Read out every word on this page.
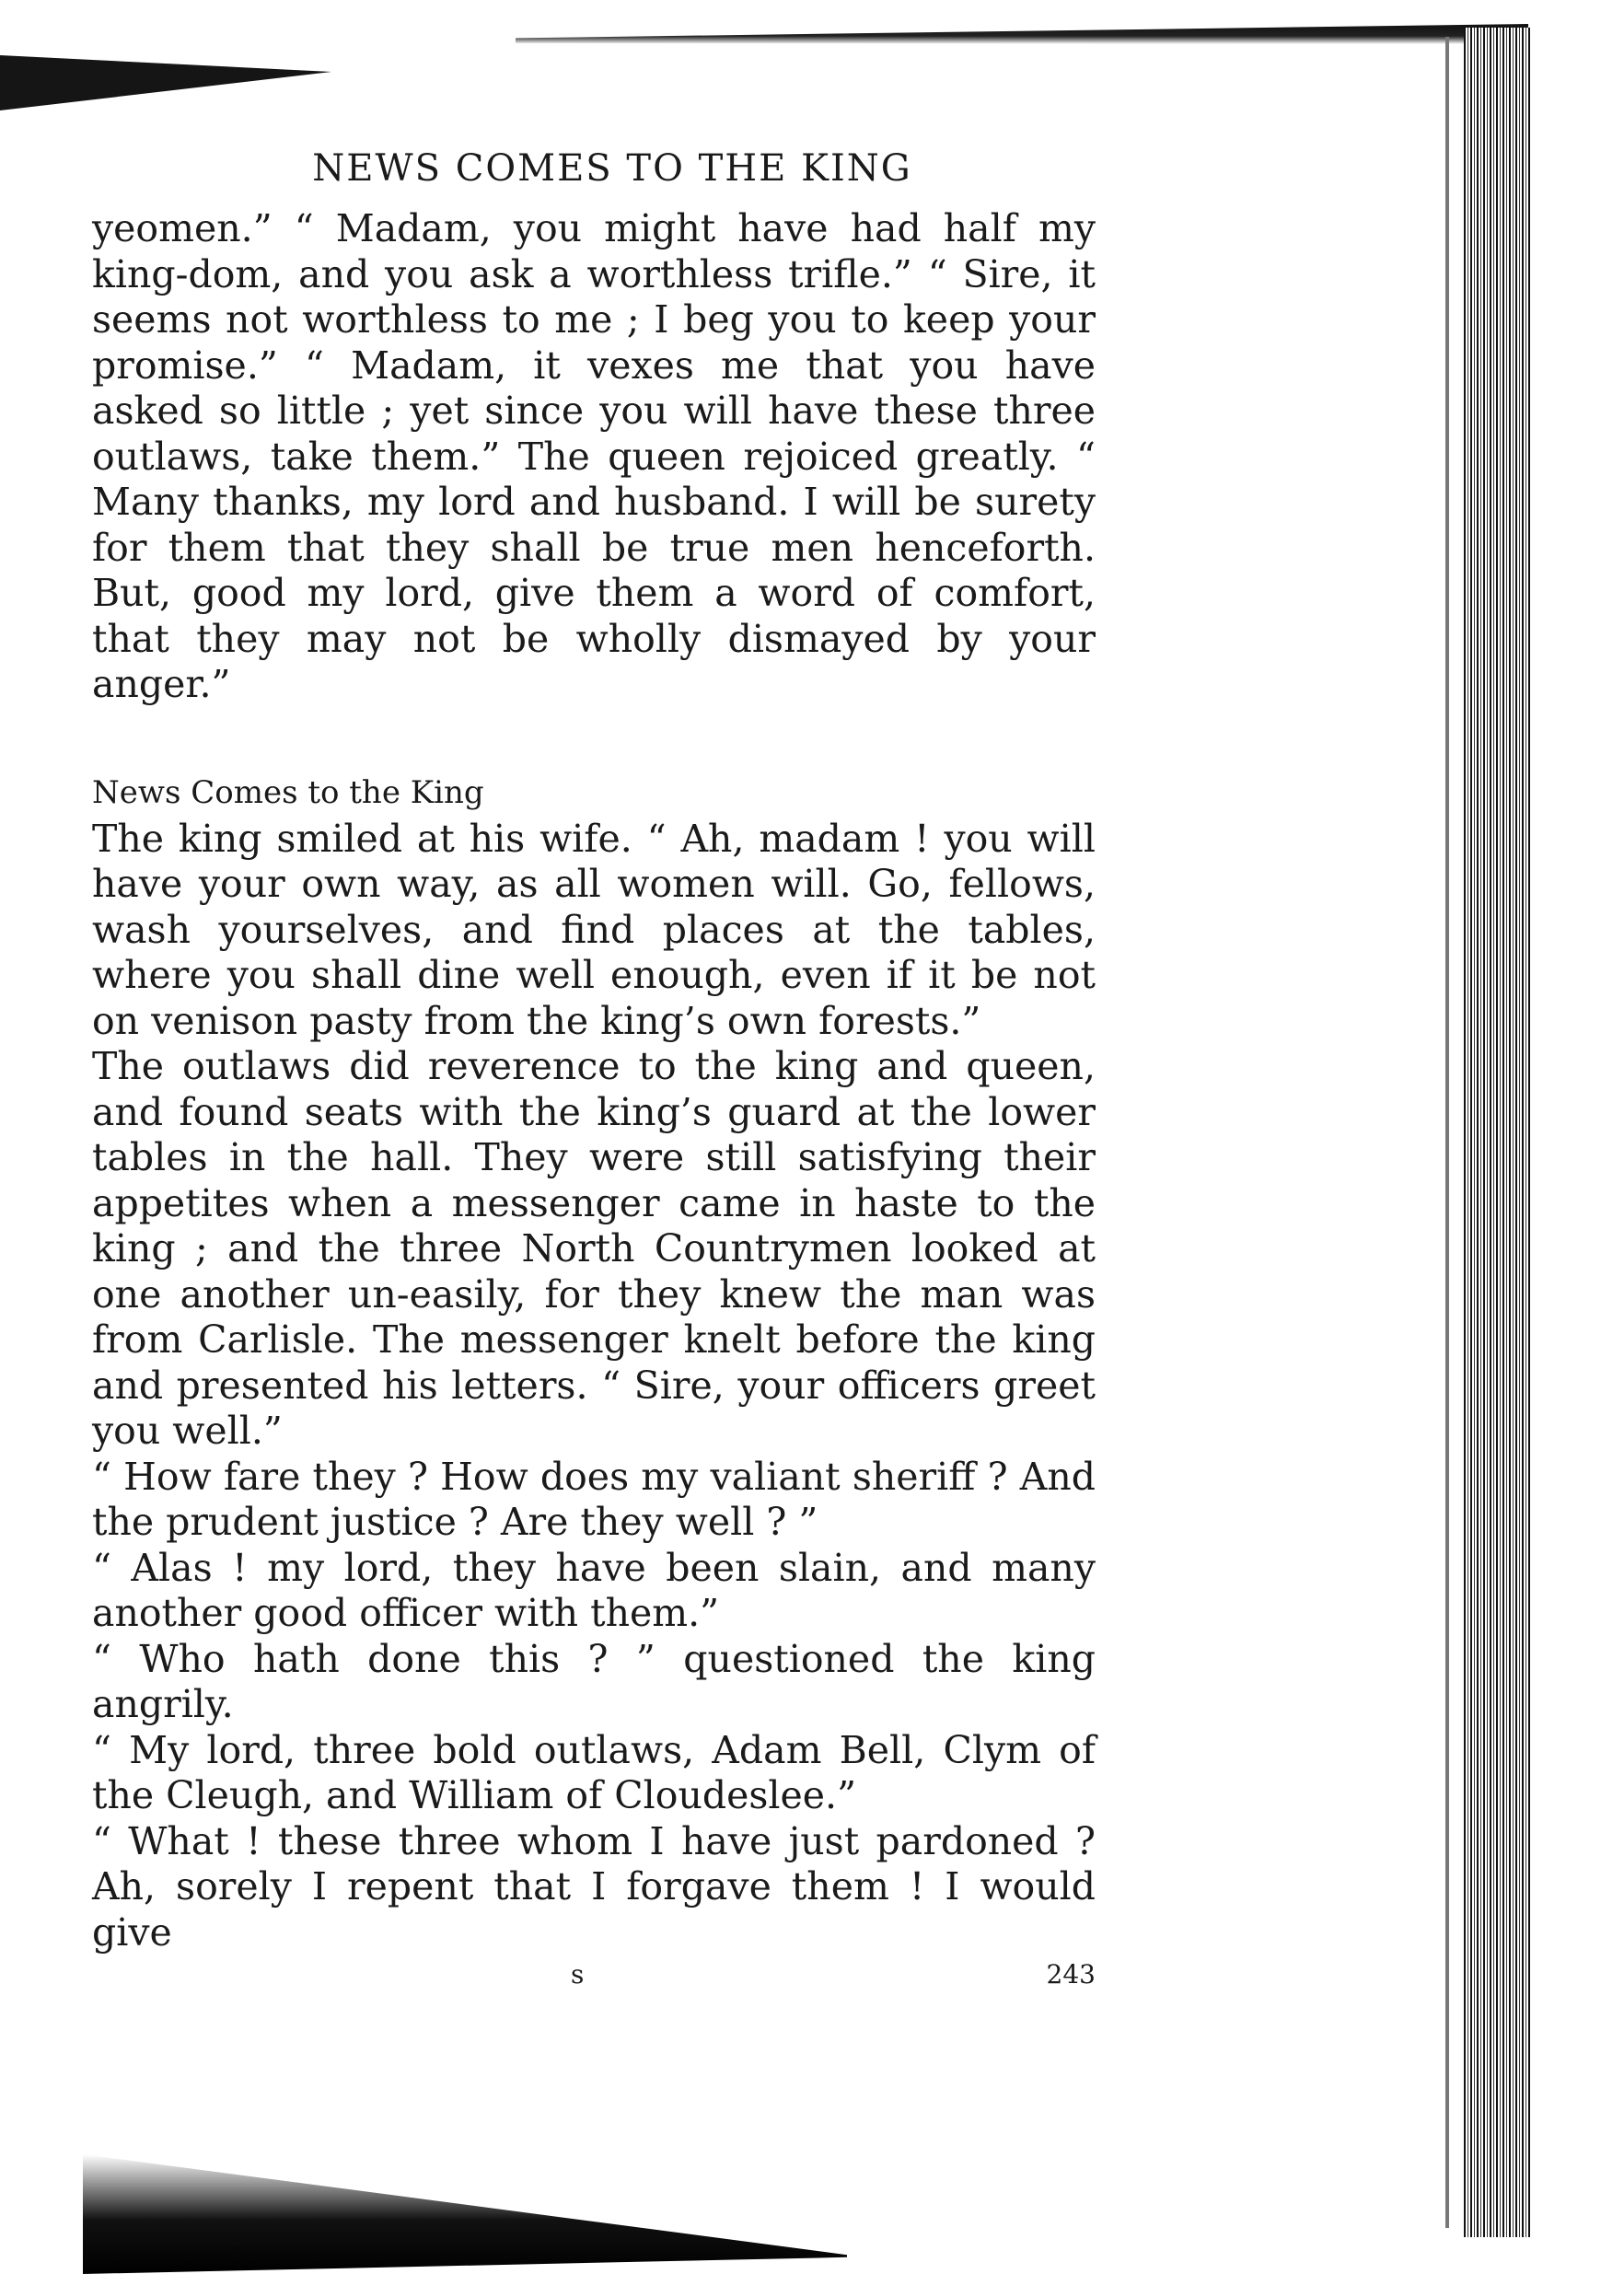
NEWS COMES TO THE KING

yeomen.” “ Madam, you might have had half my king-dom, and you ask a worthless trifle.” “ Sire, it seems not worthless to me ; I beg you to keep your promise.” “ Madam, it vexes me that you have asked so little ; yet since you will have these three outlaws, take them.” The queen rejoiced greatly. “ Many thanks, my lord and husband. I will be surety for them that they shall be true men henceforth. But, good my lord, give them a word of comfort, that they may not be wholly dismayed by your anger.”

News Comes to the King

The king smiled at his wife. “ Ah, madam ! you will have your own way, as all women will. Go, fellows, wash yourselves, and find places at the tables, where you shall dine well enough, even if it be not on venison pasty from the king’s own forests.”

The outlaws did reverence to the king and queen, and found seats with the king’s guard at the lower tables in the hall. They were still satisfying their appetites when a messenger came in haste to the king ; and the three North Countrymen looked at one another un-easily, for they knew the man was from Carlisle. The messenger knelt before the king and presented his letters. “ Sire, your officers greet you well.”

“ How fare they ? How does my valiant sheriff ? And the prudent justice ? Are they well ? ”

“ Alas ! my lord, they have been slain, and many another good officer with them.”

“ Who hath done this ? ” questioned the king angrily.

“ My lord, three bold outlaws, Adam Bell, Clym of the Cleugh, and William of Cloudeslee.”

“ What ! these three whom I have just pardoned ? Ah, sorely I repent that I forgave them ! I would give

s	243
